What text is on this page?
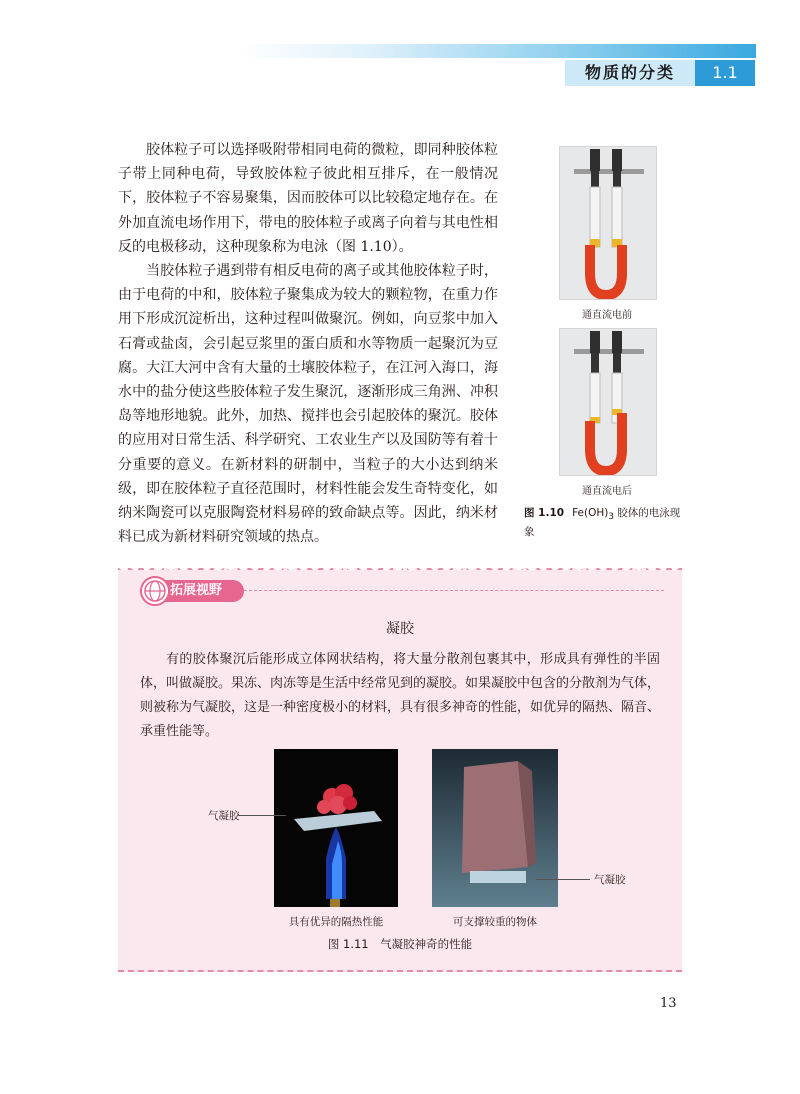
物质的分类	1.1

胶体粒子可以选择吸附带相同电荷的微粒，即同种胶体粒子带上同种电荷，导致胶体粒子彼此相互排斥，在一般情况下，胶体粒子不容易聚集，因而胶体可以比较稳定地存在。在外加直流电场作用下，带电的胶体粒子或离子向着与其电性相反的电极移动，这种现象称为电泳（图 1.10）。

当胶体粒子遇到带有相反电荷的离子或其他胶体粒子时，由于电荷的中和，胶体粒子聚集成为较大的颗粒物，在重力作用下形成沉淀析出，这种过程叫做聚沉。例如，向豆浆中加入石膏或盐卤，会引起豆浆里的蛋白质和水等物质一起聚沉为豆腐。大江大河中含有大量的土壤胶体粒子，在江河入海口，海水中的盐分使这些胶体粒子发生聚沉，逐渐形成三角洲、冲积岛等地形地貌。此外，加热、搅拌也会引起胶体的聚沉。胶体的应用对日常生活、科学研究、工农业生产以及国防等有着十分重要的意义。在新材料的研制中，当粒子的大小达到纳米级，即在胶体粒子直径范围时，材料性能会发生奇特变化，如纳米陶瓷可以克服陶瓷材料易碎的致命缺点等。因此，纳米材料已成为新材料研究领域的热点。

通直流电前
通直流电后
图 1.10 $Fe(OH)_3$ 胶体的电泳现象
拓展视野
凝胶

有的胶体聚沉后能形成立体网状结构，将大量分散剂包裹其中，形成具有弹性的半固体，叫做凝胶。果冻、肉冻等是生活中经常见到的凝胶。如果凝胶中包含的分散剂为气体，则被称为气凝胶，这是一种密度极小的材料，具有很多神奇的性能，如优异的隔热、隔音、承重性能等。

气凝胶
气凝胶
具有优异的隔热性能	可支撑较重的物体
图 1.11　气凝胶神奇的性能
13
